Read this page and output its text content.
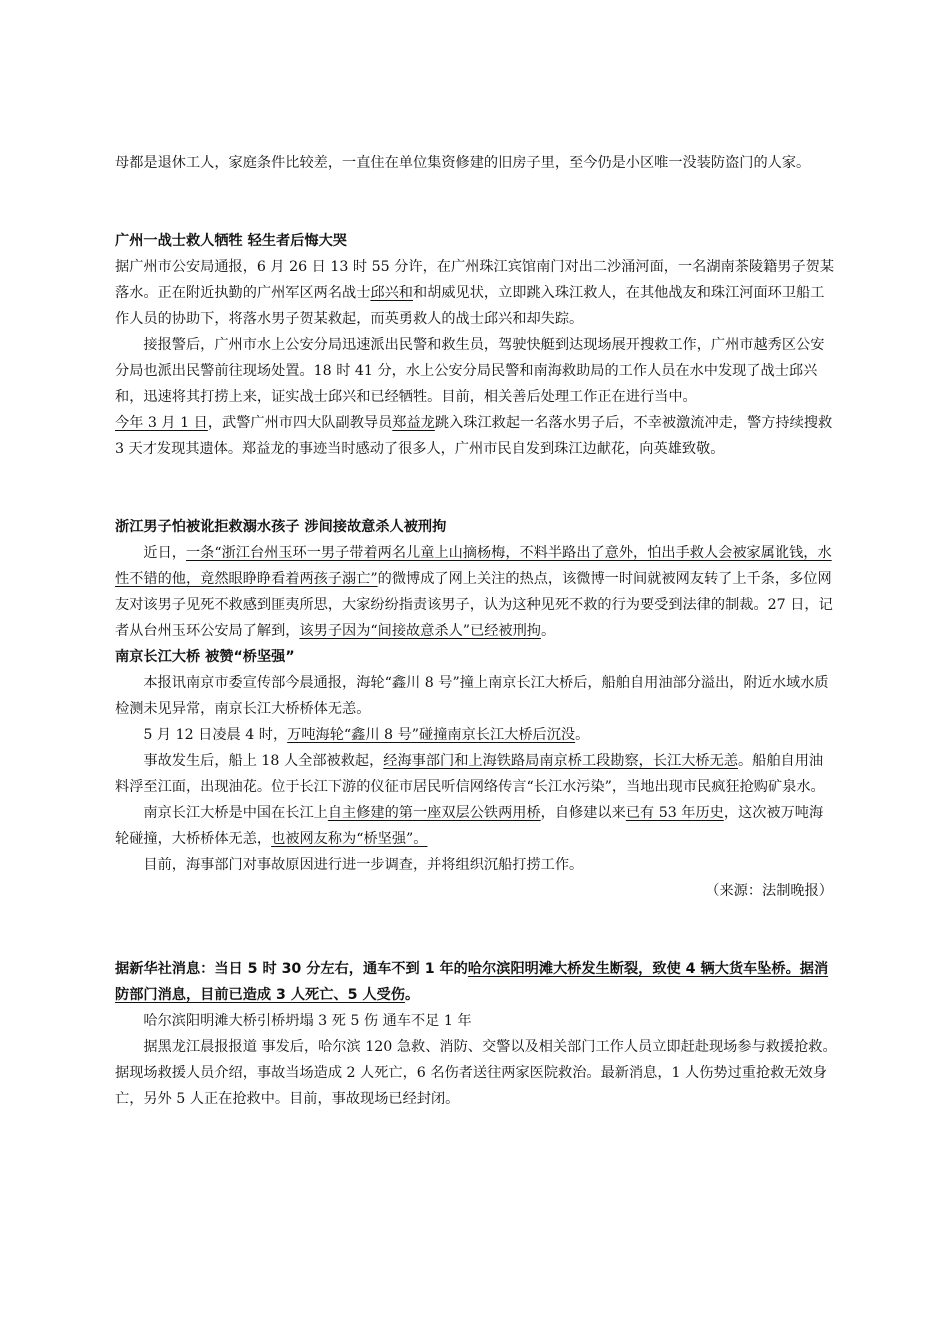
母都是退休工人，家庭条件比较差，一直住在单位集资修建的旧房子里，至今仍是小区唯一没装防盗门的人家。

广州一战士救人牺牲 轻生者后悔大哭

据广州市公安局通报，6 月 26 日 13 时 55 分许，在广州珠江宾馆南门对出二沙涌河面，一名湖南茶陵籍男子贺某落水。正在附近执勤的广州军区两名战士邱兴和和胡威见状，立即跳入珠江救人，在其他战友和珠江河面环卫船工作人员的协助下，将落水男子贺某救起，而英勇救人的战士邱兴和却失踪。

接报警后，广州市水上公安分局迅速派出民警和救生员，驾驶快艇到达现场展开搜救工作，广州市越秀区公安分局也派出民警前往现场处置。18 时 41 分，水上公安分局民警和南海救助局的工作人员在水中发现了战士邱兴和，迅速将其打捞上来，证实战士邱兴和已经牺牲。目前，相关善后处理工作正在进行当中。

今年 3 月 1 日，武警广州市四大队副教导员郑益龙跳入珠江救起一名落水男子后，不幸被激流冲走，警方持续搜救 3 天才发现其遗体。郑益龙的事迹当时感动了很多人，广州市民自发到珠江边献花，向英雄致敬。

浙江男子怕被讹拒救溺水孩子 涉间接故意杀人被刑拘

近日，一条“浙江台州玉环一男子带着两名儿童上山摘杨梅，不料半路出了意外，怕出手救人会被家属讹钱，水性不错的他，竟然眼睁睁看着两孩子溺亡”的微博成了网上关注的热点，该微博一时间就被网友转了上千条，多位网友对该男子见死不救感到匪夷所思，大家纷纷指责该男子，认为这种见死不救的行为要受到法律的制裁。27 日，记者从台州玉环公安局了解到，该男子因为“间接故意杀人”已经被刑拘。

南京长江大桥 被赞“桥坚强”

本报讯南京市委宣传部今晨通报，海轮“鑫川 8 号”撞上南京长江大桥后，船舶自用油部分溢出，附近水域水质检测未见异常，南京长江大桥桥体无恙。

5 月 12 日凌晨 4 时，万吨海轮“鑫川 8 号”碰撞南京长江大桥后沉没。

事故发生后，船上 18 人全部被救起，经海事部门和上海铁路局南京桥工段勘察，长江大桥无恙。船舶自用油料浮至江面，出现油花。位于长江下游的仪征市居民听信网络传言“长江水污染”，当地出现市民疯狂抢购矿泉水。

南京长江大桥是中国在长江上自主修建的第一座双层公铁两用桥，自修建以来已有 53 年历史，这次被万吨海轮碰撞，大桥桥体无恙，也被网友称为“桥坚强”。

目前，海事部门对事故原因进行进一步调查，并将组织沉船打捞工作。

（来源：法制晚报）

据新华社消息：当日 5 时 30 分左右，通车不到 1 年的哈尔滨阳明滩大桥发生断裂，致使 4 辆大货车坠桥。据消防部门消息，目前已造成 3 人死亡、5 人受伤。

哈尔滨阳明滩大桥引桥坍塌 3 死 5 伤 通车不足 1 年

据黑龙江晨报报道 事发后，哈尔滨 120 急救、消防、交警以及相关部门工作人员立即赶赴现场参与救援抢救。据现场救援人员介绍，事故当场造成 2 人死亡，6 名伤者送往两家医院救治。最新消息，1 人伤势过重抢救无效身亡，另外 5 人正在抢救中。目前，事故现场已经封闭。
